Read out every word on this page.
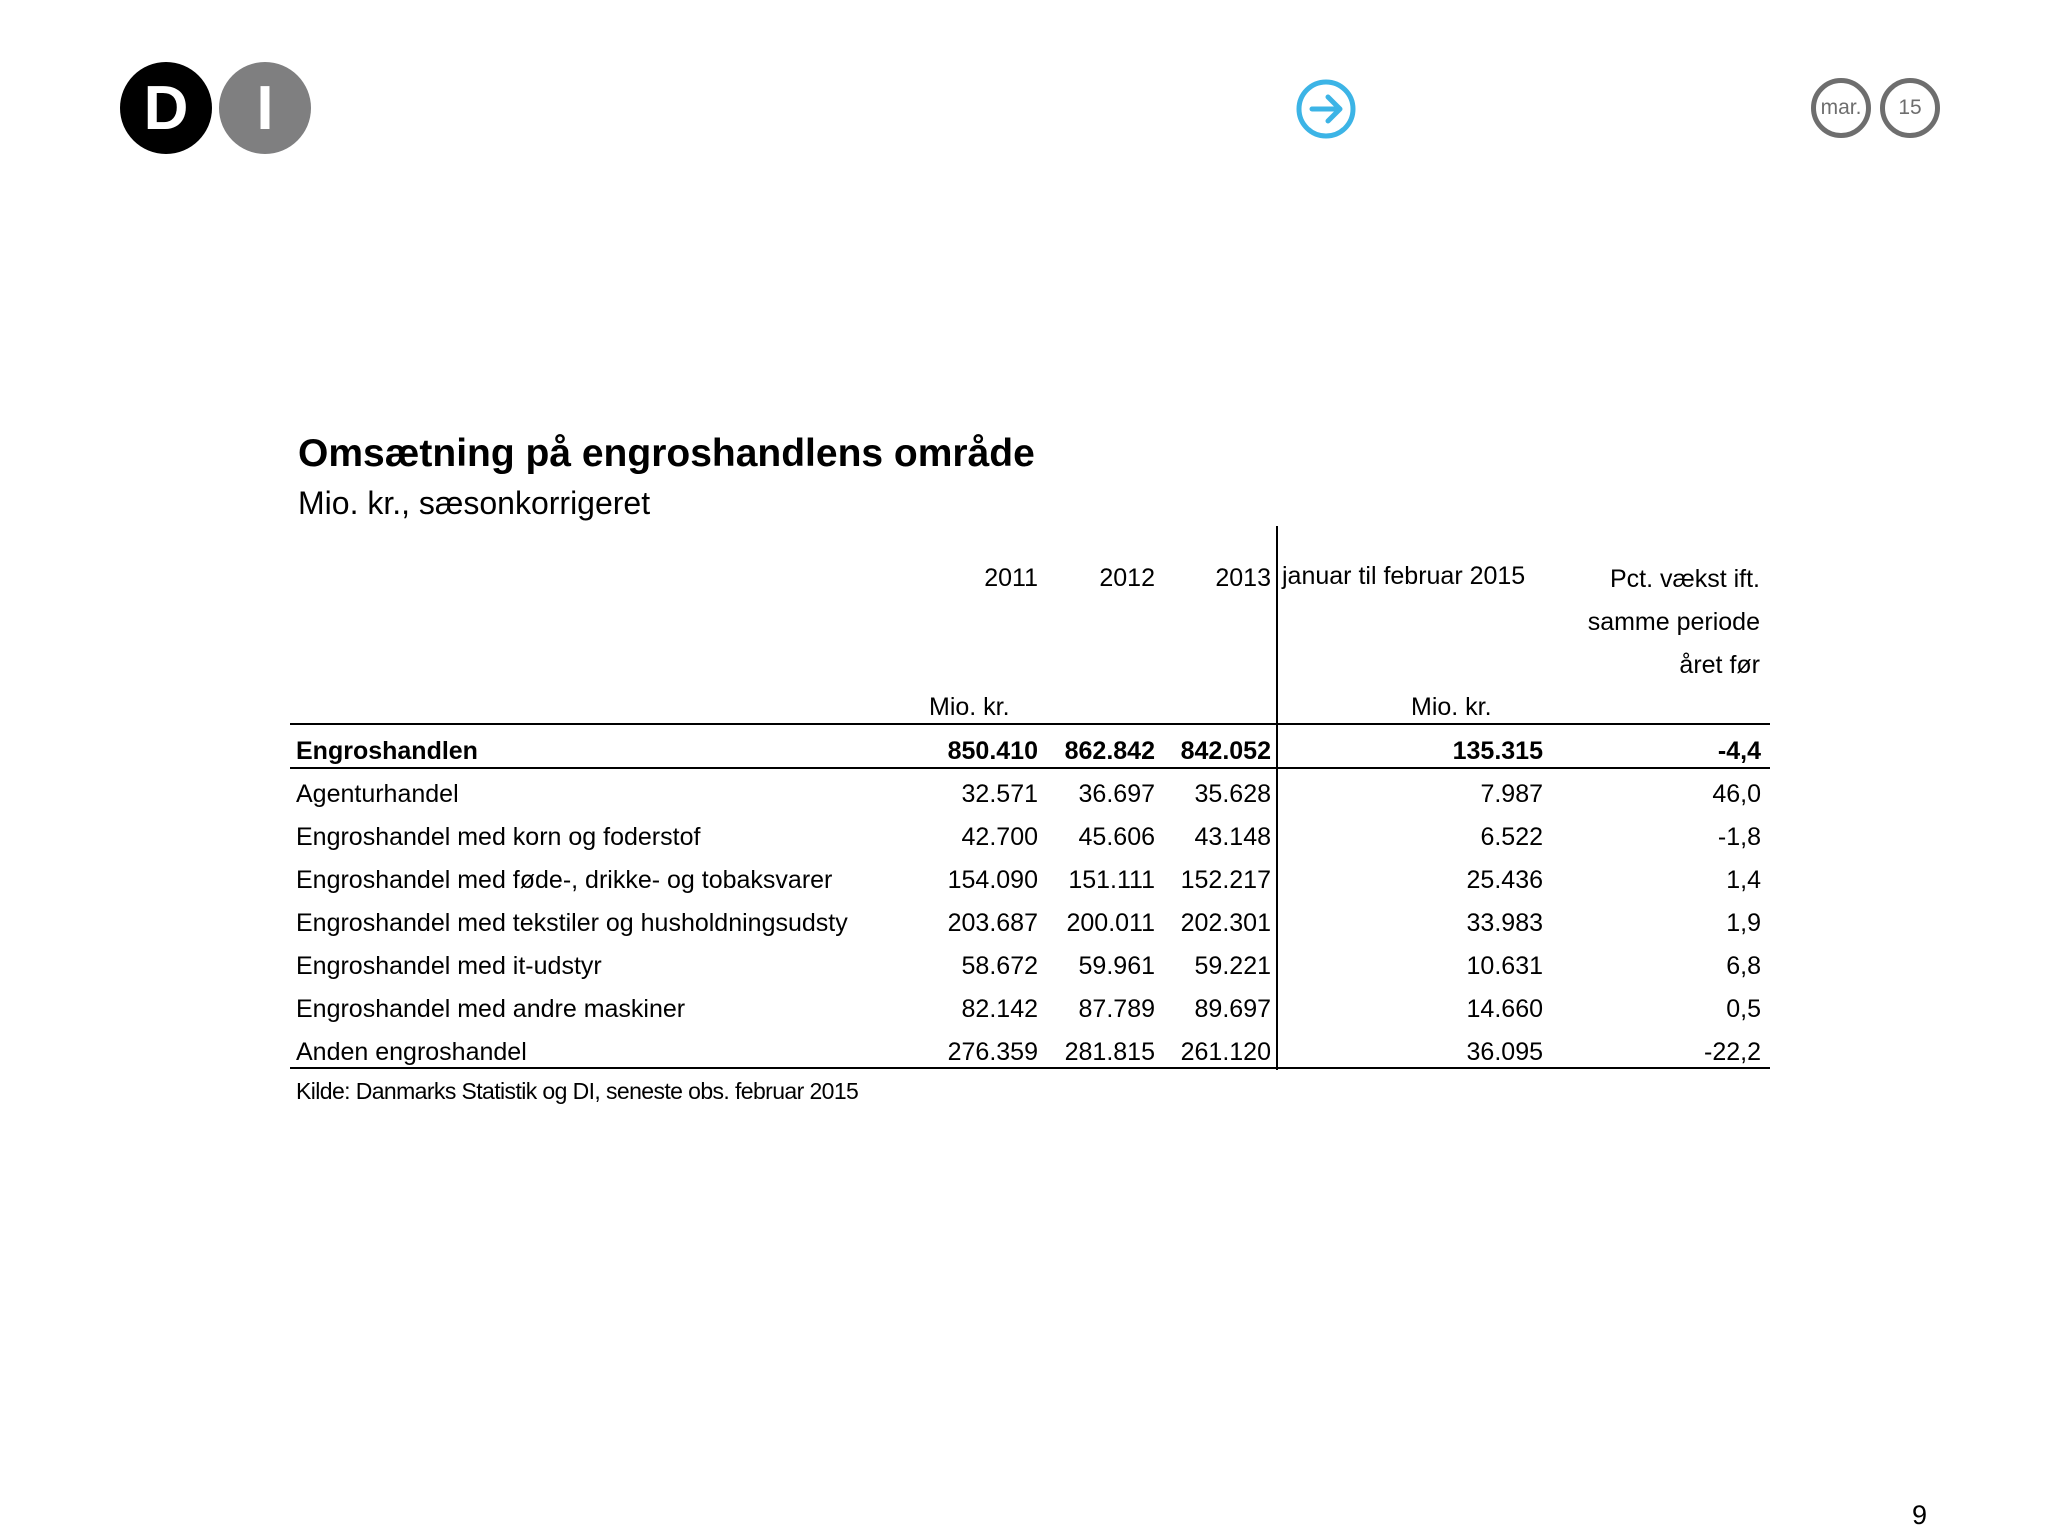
D	I	mar.	15
Omsætning på engroshandlens område
Mio. kr., sæsonkorrigeret
2011 2012 2013 januar til februar 2015	Pct. vækst ift.
samme periode
året før
Mio. kr.	Mio. kr.
Engroshandlen	850.410 862.842 842.052	135.315	-4,4
Agenturhandel	32.571 36.697 35.628	7.987	46,0
Engroshandel med korn og foderstof	42.700 45.606 43.148	6.522	-1,8
Engroshandel med føde-, drikke- og tobaksvarer	154.090 151.111 152.217	25.436	1,4
Engroshandel med tekstiler og husholdningsudsty	203.687 200.011 202.301	33.983	1,9
Engroshandel med it-udstyr	58.672 59.961 59.221	10.631	6,8
Engroshandel med andre maskiner	82.142 87.789 89.697	14.660	0,5
Anden engroshandel	276.359 281.815 261.120	36.095	-22,2
Kilde: Danmarks Statistik og DI, seneste obs. februar 2015
9
